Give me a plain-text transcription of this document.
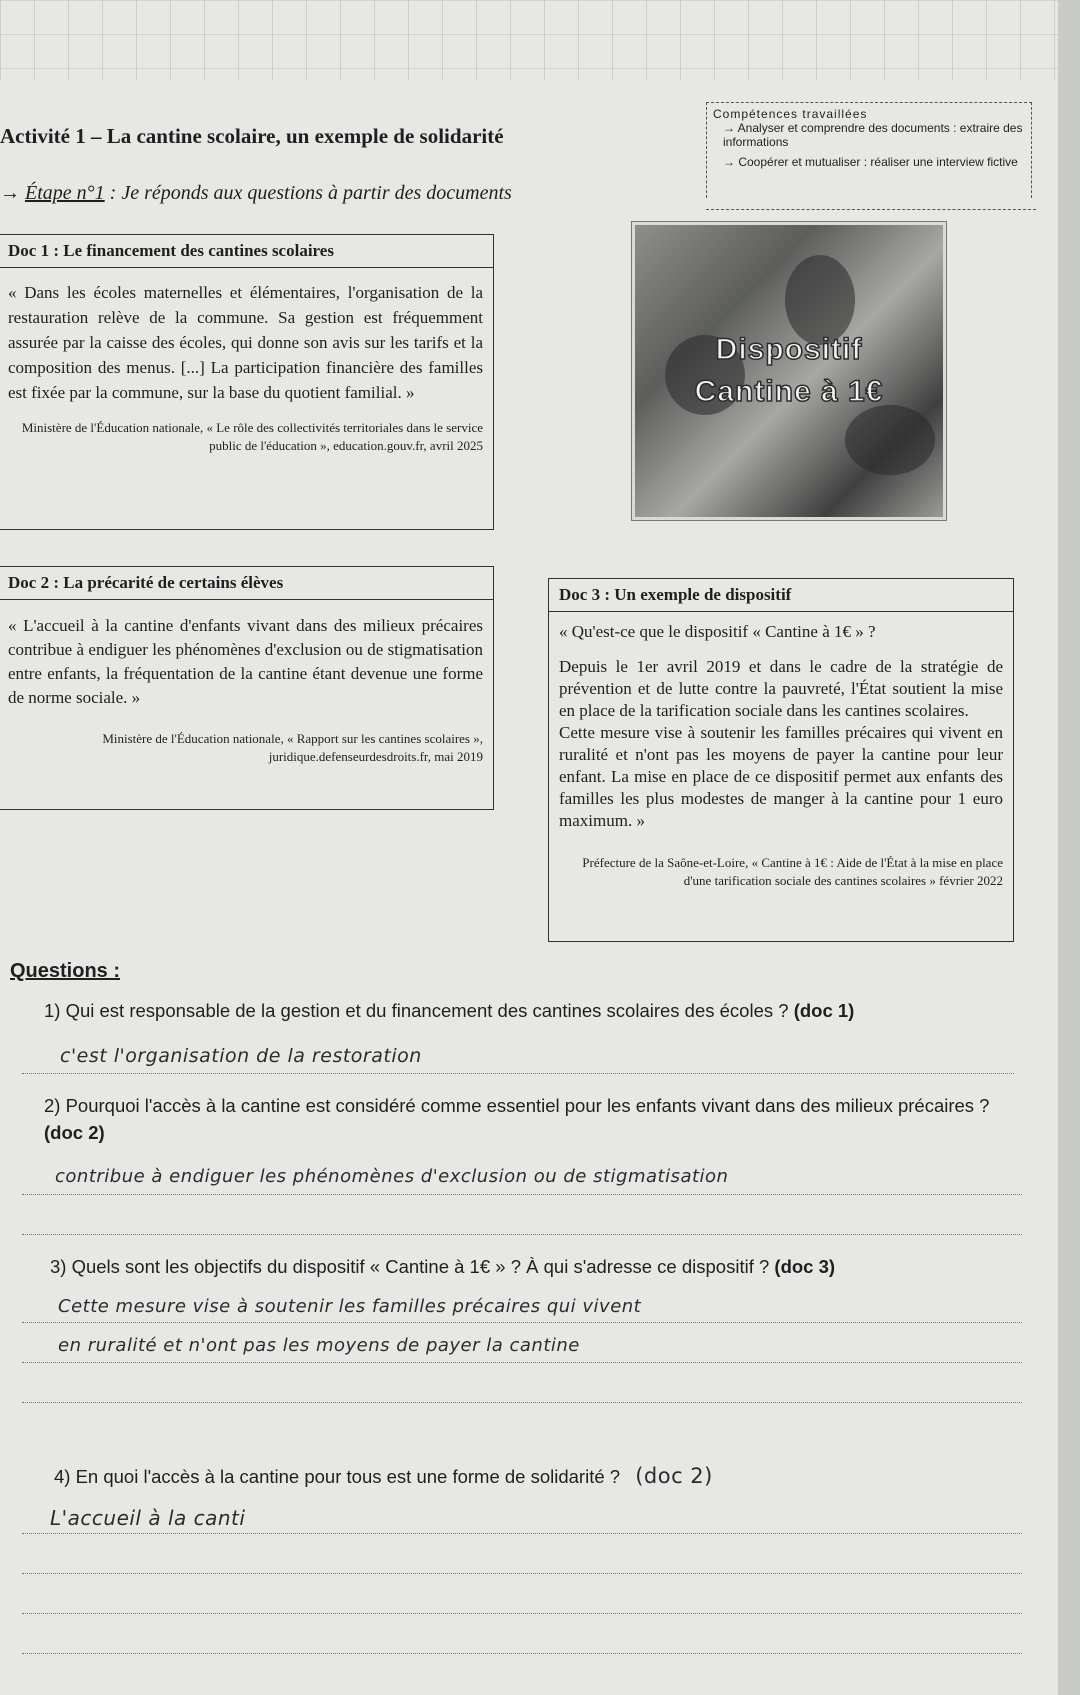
Compétences travaillées
→ Analyser et comprendre des documents : extraire des informations
→ Coopérer et mutualiser : réaliser une interview fictive
Activité 1 – La cantine scolaire, un exemple de solidarité
→ Étape n°1 : Je réponds aux questions à partir des documents
Doc 1 : Le financement des cantines scolaires
« Dans les écoles maternelles et élémentaires, l'organisation de la restauration relève de la commune. Sa gestion est fréquemment assurée par la caisse des écoles, qui donne son avis sur les tarifs et la composition des menus. [...] La participation financière des familles est fixée par la commune, sur la base du quotient familial. »
Ministère de l'Éducation nationale, « Le rôle des collectivités territoriales dans le service public de l'éducation », education.gouv.fr, avril 2025
Dispositif
Cantine à 1€
Doc 2 : La précarité de certains élèves
« L'accueil à la cantine d'enfants vivant dans des milieux précaires contribue à endiguer les phénomènes d'exclusion ou de stigmatisation entre enfants, la fréquentation de la cantine étant devenue une forme de norme sociale. »
Ministère de l'Éducation nationale, « Rapport sur les cantines scolaires », juridique.defenseurdesdroits.fr, mai 2019
Doc 3 : Un exemple de dispositif
« Qu'est-ce que le dispositif « Cantine à 1€ » ?
Depuis le 1er avril 2019 et dans le cadre de la stratégie de prévention et de lutte contre la pauvreté, l'État soutient la mise en place de la tarification sociale dans les cantines scolaires.
Cette mesure vise à soutenir les familles précaires qui vivent en ruralité et n'ont pas les moyens de payer la cantine pour leur enfant. La mise en place de ce dispositif permet aux enfants des familles les plus modestes de manger à la cantine pour 1 euro maximum. »
Préfecture de la Saône-et-Loire, « Cantine à 1€ : Aide de l'État à la mise en place d'une tarification sociale des cantines scolaires » février 2022
Questions :
1) Qui est responsable de la gestion et du financement des cantines scolaires des écoles ? (doc 1)
c'est l'organisation de la restoration
2) Pourquoi l'accès à la cantine est considéré comme essentiel pour les enfants vivant dans des milieux précaires ? (doc 2)
contribue à endiguer les phénomènes d'exclusion ou de stigmatisation
3) Quels sont les objectifs du dispositif « Cantine à 1€ » ? À qui s'adresse ce dispositif ? (doc 3)
Cette mesure vise à soutenir les familles précaires qui vivent
en ruralité et n'ont pas les moyens de payer la cantine
4) En quoi l'accès à la cantine pour tous est une forme de solidarité ? (doc 2)
L'accueil à la canti
